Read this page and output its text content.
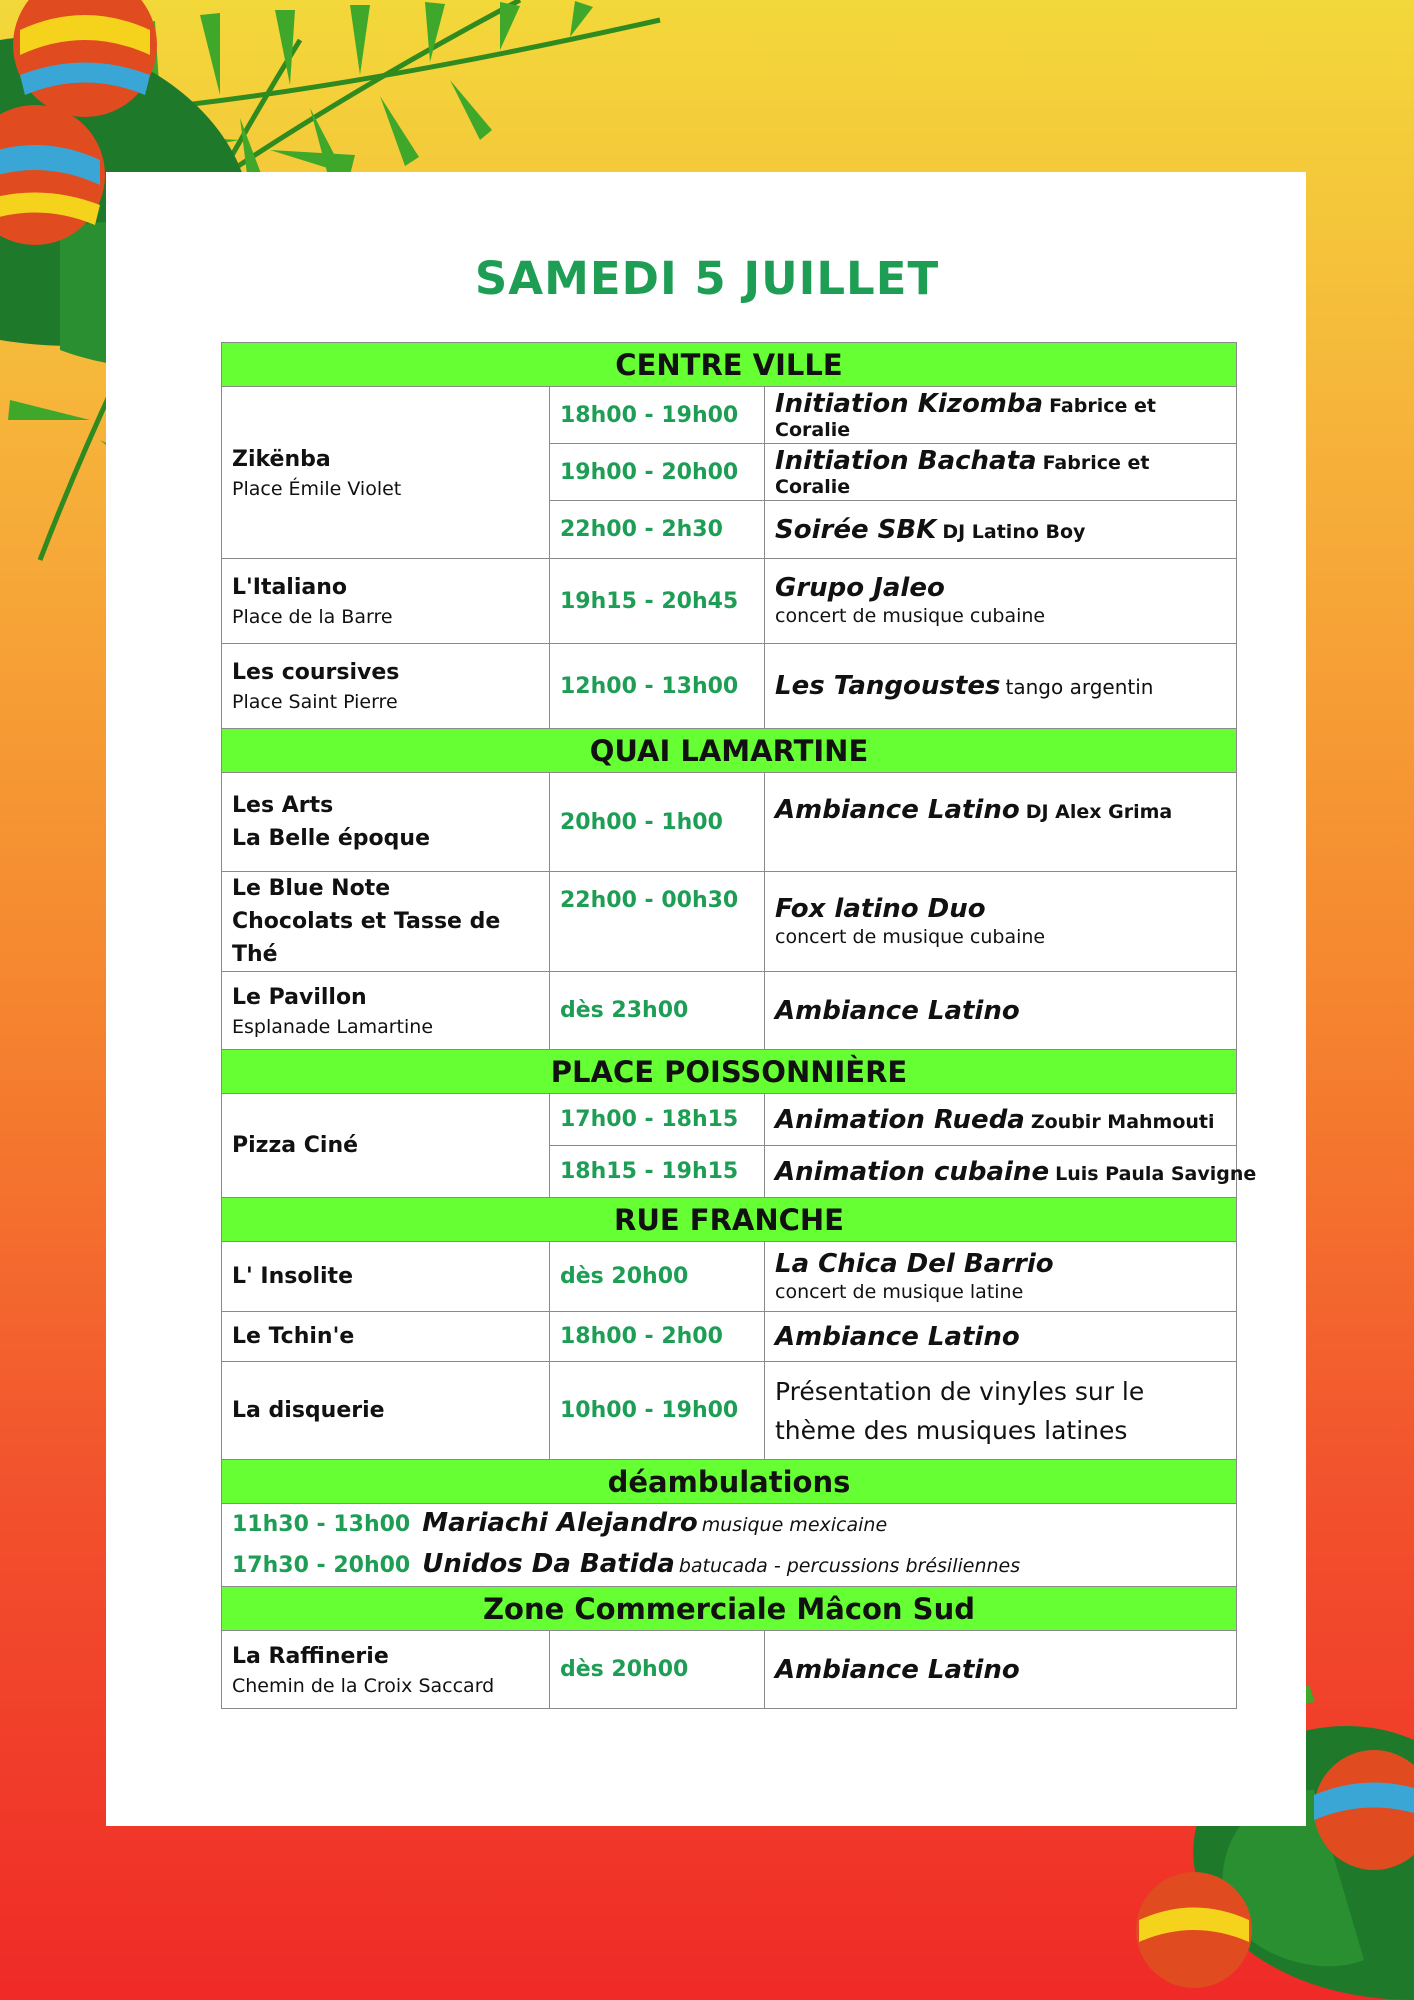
SAMEDI 5 JUILLET
CENTRE VILLE		

Zikënba
Place Émile Violet	18h00 - 19h00	Initiation Kizomba Fabrice et Coralie
	19h00 - 20h00	Initiation Bachata Fabrice et Coralie
	22h00 - 2h30	Soirée SBK DJ Latino Boy

L'Italiano
Place de la Barre	19h15 - 20h45	Grupo Jaleo
concert de musique cubaine

Les coursives
Place Saint Pierre	12h00 - 13h00	Les Tangoustes tango argentin
QUAI LAMARTINE		

Les Arts
La Belle époque	20h00 - 1h00	Ambiance Latino DJ Alex Grima

Le Blue Note
Chocolats et Tasse de Thé	22h00 - 00h30	Fox latino Duo
concert de musique cubaine

Le Pavillon
Esplanade Lamartine	dès 23h00	Ambiance Latino
PLACE POISSONNIÈRE		

Pizza Ciné	17h00 - 18h15	Animation Rueda Zoubir Mahmouti
	18h15 - 19h15	Animation cubaine Luis Paula Savigne
RUE FRANCHE		

L' Insolite	dès 20h00	La Chica Del Barrio
concert de musique latine

Le Tchin'e	18h00 - 2h00	Ambiance Latino

La disquerie	10h00 - 19h00	Présentation de vinyles sur le
thème des musiques latines

déambulations		

11h30 - 13h00 Mariachi Alejandro musique mexicaine
17h30 - 20h00 Unidos Da Batida batucada - percussions brésiliennes		

Zone Commerciale Mâcon Sud		

La Raffinerie
Chemin de la Croix Saccard	dès 20h00	Ambiance Latino
